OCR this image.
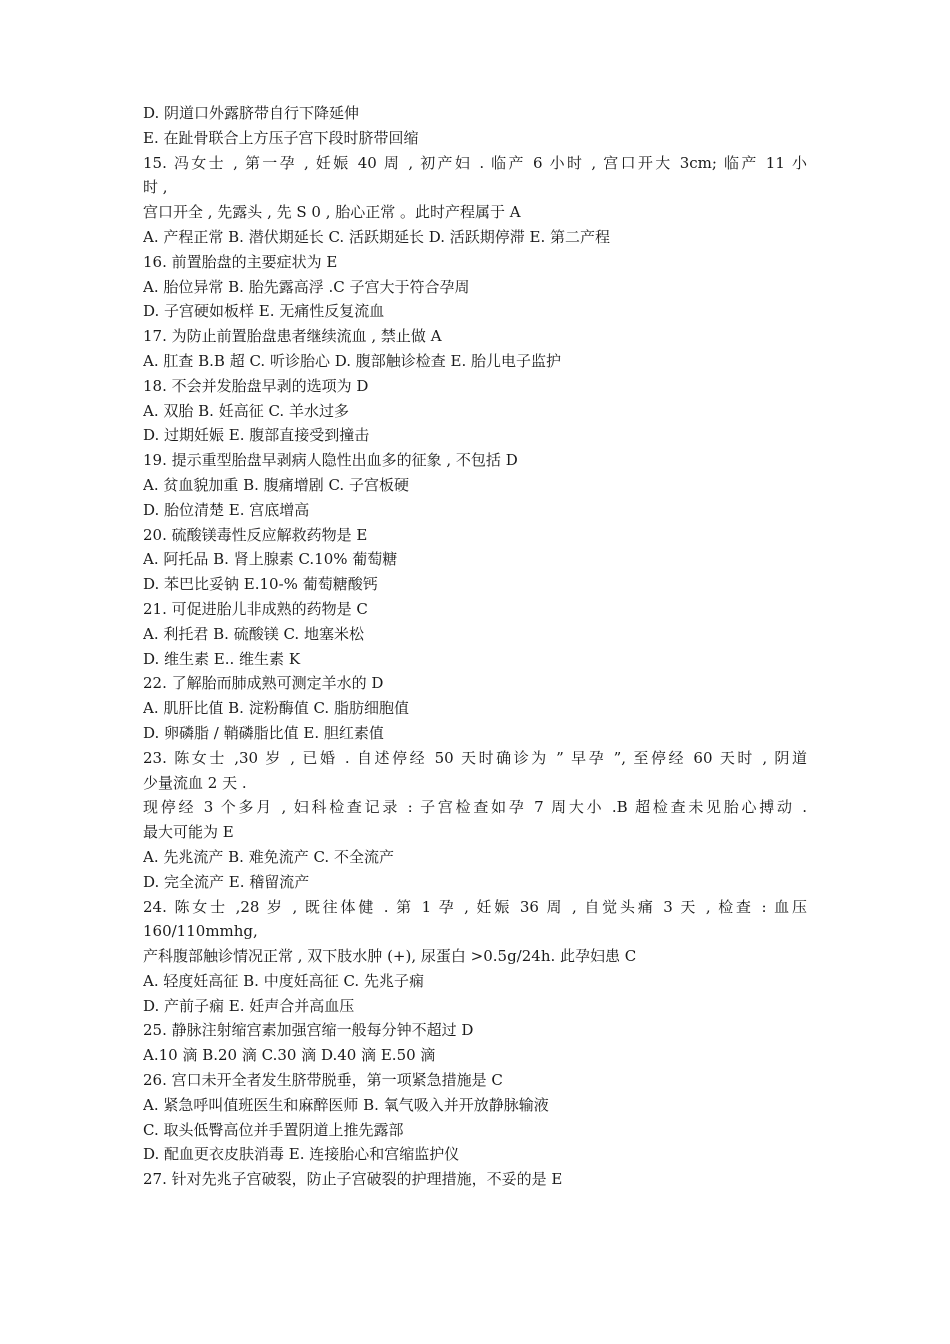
D. 阴道口外露脐带自行下降延伸
E. 在趾骨联合上方压子宫下段时脐带回缩
15. 冯女士 , 第一孕 , 妊娠 40 周 , 初产妇 . 临产 6 小时 , 宫口开大 3cm; 临产 11 小
时 ,
宫口开全 , 先露头 , 先 S 0 , 胎心正常 。此时产程属于 A
A. 产程正常 B. 潜伏期延长 C. 活跃期延长 D. 活跃期停滞 E. 第二产程
16. 前置胎盘的主要症状为 E
A. 胎位异常 B. 胎先露高浮 .C 子宫大于符合孕周
D. 子宫硬如板样 E. 无痛性反复流血
17. 为防止前置胎盘患者继续流血 , 禁止做 A
A. 肛查 B.B 超 C. 听诊胎心 D. 腹部触诊检查 E. 胎儿电子监护
18. 不会并发胎盘早剥的选项为 D
A. 双胎 B. 妊高征 C. 羊水过多
D. 过期妊娠 E. 腹部直接受到撞击
19. 提示重型胎盘早剥病人隐性出血多的征象 , 不包括 D
A. 贫血貌加重 B. 腹痛增剧 C. 子宫板硬
D. 胎位清楚 E. 宫底增高
20. 硫酸镁毒性反应解救药物是 E
A. 阿托品 B. 肾上腺素 C.10% 葡萄糖
D. 苯巴比妥钠 E.10-% 葡萄糖酸钙
21. 可促进胎儿非成熟的药物是 C
A. 利托君 B. 硫酸镁 C. 地塞米松
D. 维生素 E.. 维生素 K
22. 了解胎而肺成熟可测定羊水的 D
A. 肌肝比值 B. 淀粉酶值 C. 脂肪细胞值
D. 卵磷脂 / 鞘磷脂比值 E. 胆红素值
23. 陈女士 ,30 岁 , 已婚 . 自述停经 50 天时确诊为 ” 早孕 ”, 至停经 60 天时 , 阴道
少量流血 2 天 .
现停经 3 个多月 , 妇科检查记录 : 子宫检查如孕 7 周大小 .B 超检查未见胎心搏动 .
最大可能为 E
A. 先兆流产 B. 难免流产 C. 不全流产
D. 完全流产 E. 稽留流产
24. 陈女士 ,28 岁 , 既往体健 . 第 1 孕 , 妊娠 36 周 , 自觉头痛 3 天 , 检查 : 血压
160/110mmhg,
产科腹部触诊情况正常 , 双下肢水肿 (+), 尿蛋白 >0.5g/24h. 此孕妇患 C
A. 轻度妊高征 B. 中度妊高征 C. 先兆子痫
D. 产前子痫 E. 妊声合并高血压
25. 静脉注射缩宫素加强宫缩一般每分钟不超过 D
A.10 滴 B.20 滴 C.30 滴 D.40 滴 E.50 滴
26. 宫口未开全者发生脐带脱垂，第一项紧急措施是 C
A. 紧急呼叫值班医生和麻醉医师 B. 氧气吸入并开放静脉输液
C. 取头低臀高位并手置阴道上推先露部
D. 配血更衣皮肤消毒 E. 连接胎心和宫缩监护仪
27. 针对先兆子宫破裂，防止子宫破裂的护理措施，不妥的是 E
